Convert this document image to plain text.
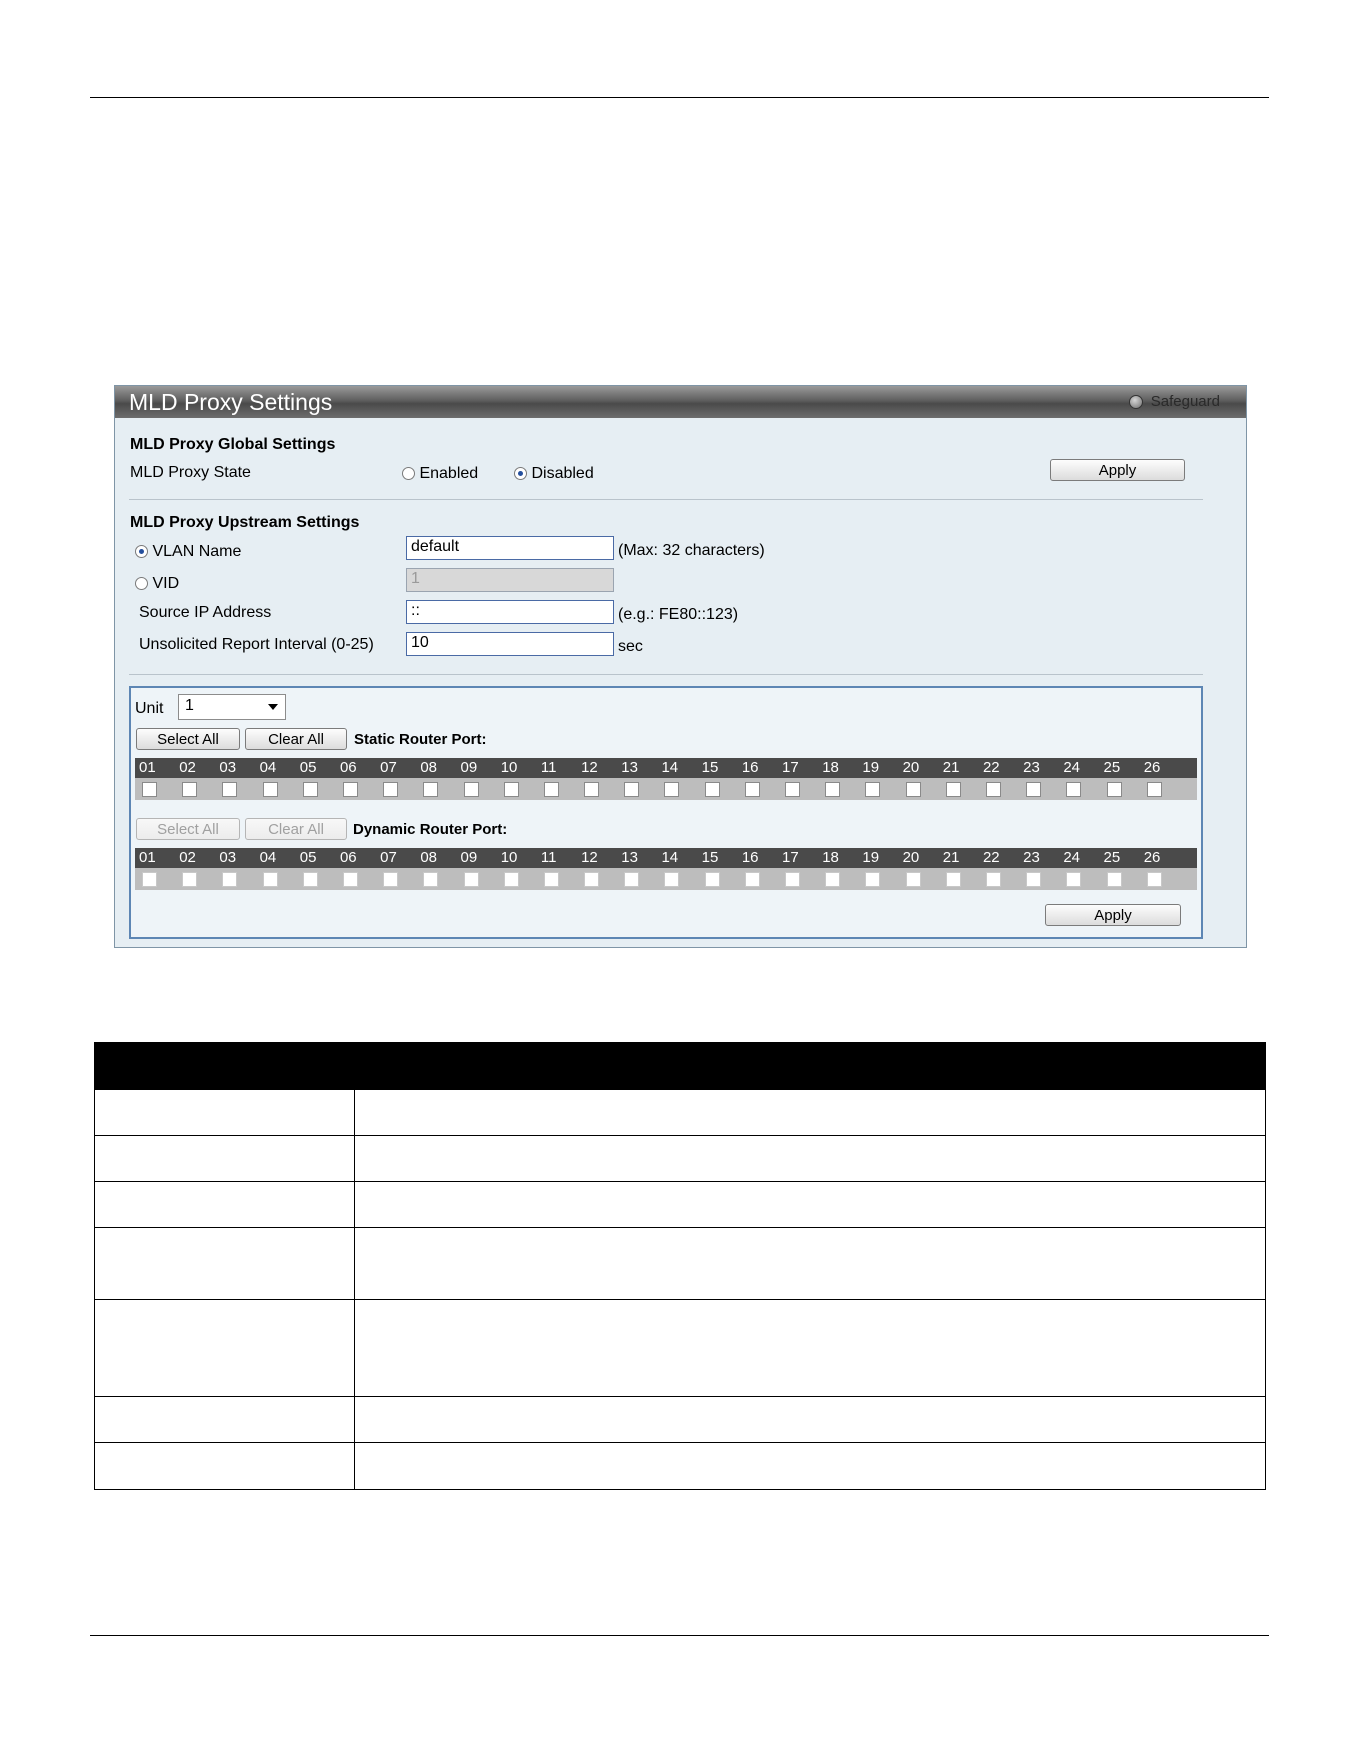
MLD Proxy Settings	Safeguard
MLD Proxy Global Settings
MLD Proxy State	Enabled	Disabled	Apply
MLD Proxy Upstream Settings
VLAN Name	default	(Max: 32 characters)
VID	1
Source IP Address	::	(e.g.: FE80::123)
Unsolicited Report Interval (0-25)	10	sec
Unit	1
Select All	Clear All	Static Router Port:
01	02	03	04	05	06	07	08	09	10	11	12	13	14	15	16	17	18	19	20	21	22	23	24	25	26
Select All	Clear All	Dynamic Router Port:
01	02	03	04	05	06	07	08	09	10	11	12	13	14	15	16	17	18	19	20	21	22	23	24	25	26
Apply
